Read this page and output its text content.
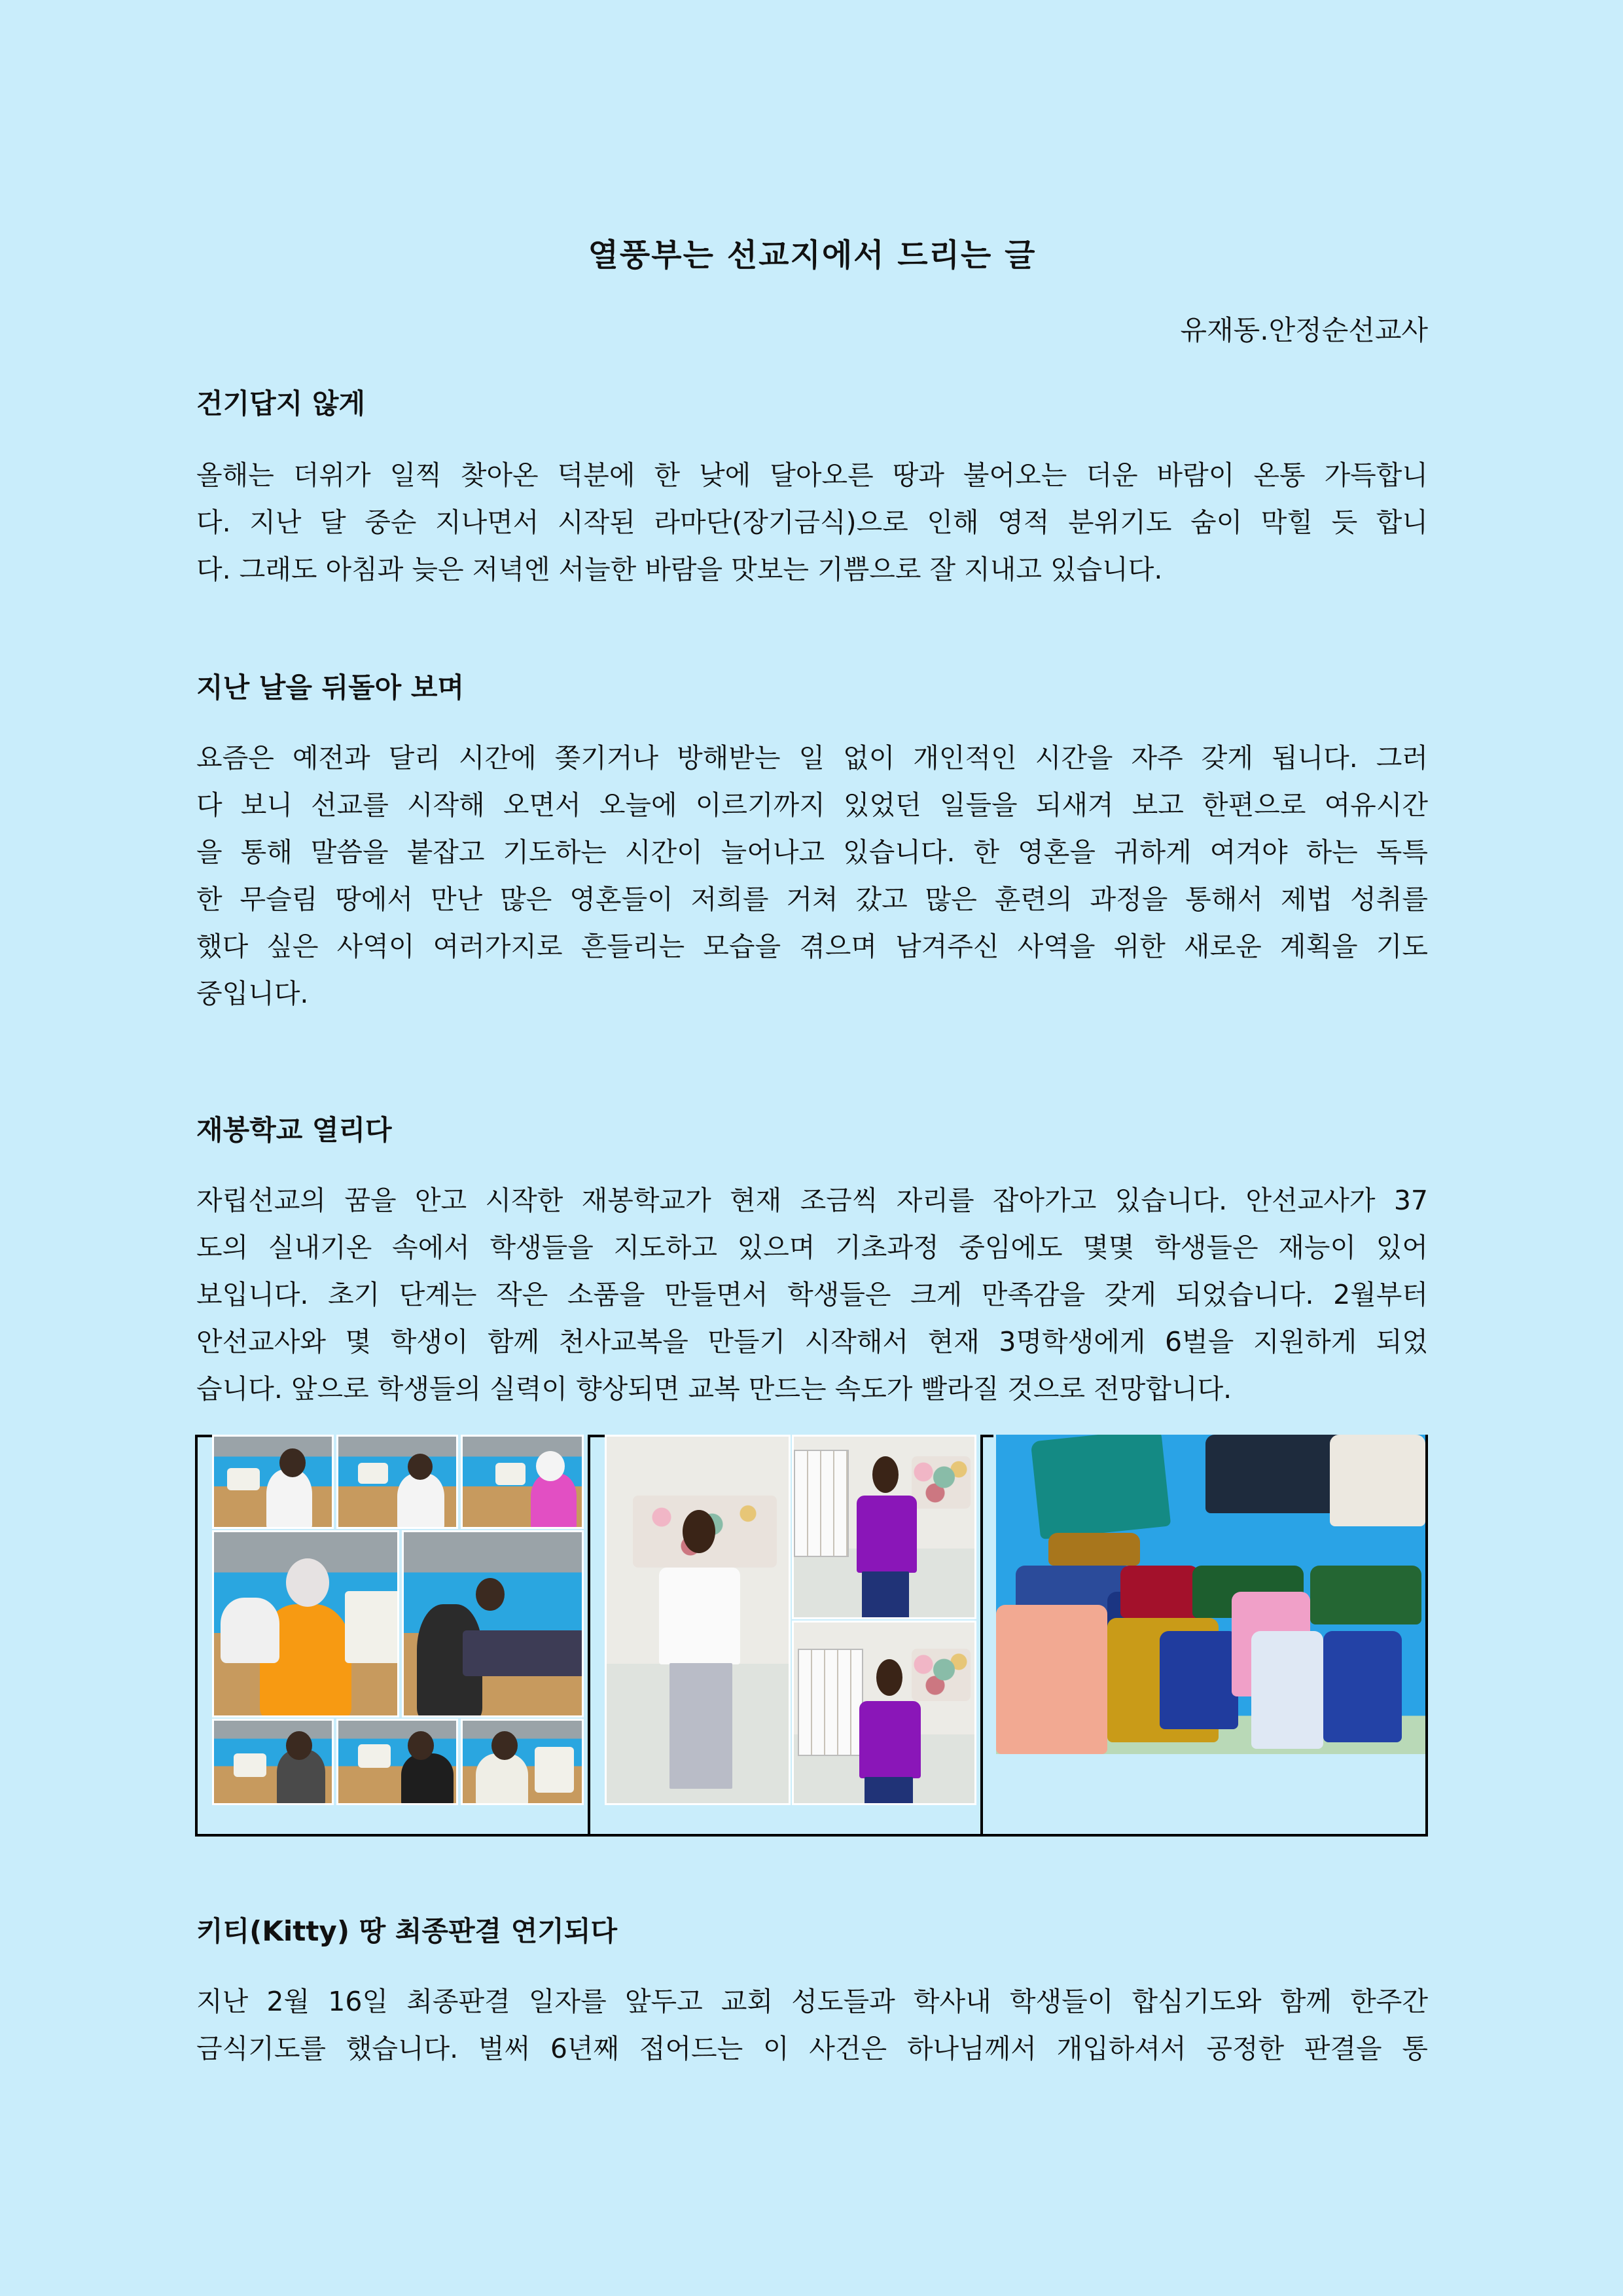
열풍부는 선교지에서 드리는 글
유재동.안정순선교사
건기답지 않게
올해는 더위가 일찍 찾아온 덕분에 한 낮에 달아오른 땅과 불어오는 더운 바람이 온통 가득합니
다. 지난 달 중순 지나면서 시작된 라마단(장기금식)으로 인해 영적 분위기도 숨이 막힐 듯 합니
다. 그래도 아침과 늦은 저녁엔 서늘한 바람을 맛보는 기쁨으로 잘 지내고 있습니다.
지난 날을 뒤돌아 보며
요즘은 예전과 달리 시간에 쫒기거나 방해받는 일 없이 개인적인 시간을 자주 갖게 됩니다. 그러
다 보니 선교를 시작해 오면서 오늘에 이르기까지 있었던 일들을 되새겨 보고 한편으로 여유시간
을 통해 말씀을 붙잡고 기도하는 시간이 늘어나고 있습니다. 한 영혼을 귀하게 여겨야 하는 독특
한 무슬림 땅에서 만난 많은 영혼들이 저희를 거쳐 갔고 많은 훈련의 과정을 통해서 제법 성취를
했다 싶은 사역이 여러가지로 흔들리는 모습을 겪으며 남겨주신 사역을 위한 새로운 계획을 기도
중입니다.
재봉학교 열리다
자립선교의 꿈을 안고 시작한 재봉학교가 현재 조금씩 자리를 잡아가고 있습니다. 안선교사가 37
도의 실내기온 속에서 학생들을 지도하고 있으며 기초과정 중임에도 몇몇 학생들은 재능이 있어
보입니다. 초기 단계는 작은 소품을 만들면서 학생들은 크게 만족감을 갖게 되었습니다. 2월부터
안선교사와 몇 학생이 함께 천사교복을 만들기 시작해서 현재 3명학생에게 6벌을 지원하게 되었
습니다. 앞으로 학생들의 실력이 향상되면 교복 만드는 속도가 빨라질 것으로 전망합니다.
키티(Kitty) 땅 최종판결 연기되다
지난 2월 16일 최종판결 일자를 앞두고 교회 성도들과 학사내 학생들이 합심기도와 함께 한주간
금식기도를 했습니다. 벌써 6년째 접어드는 이 사건은 하나님께서 개입하셔서 공정한 판결을 통
